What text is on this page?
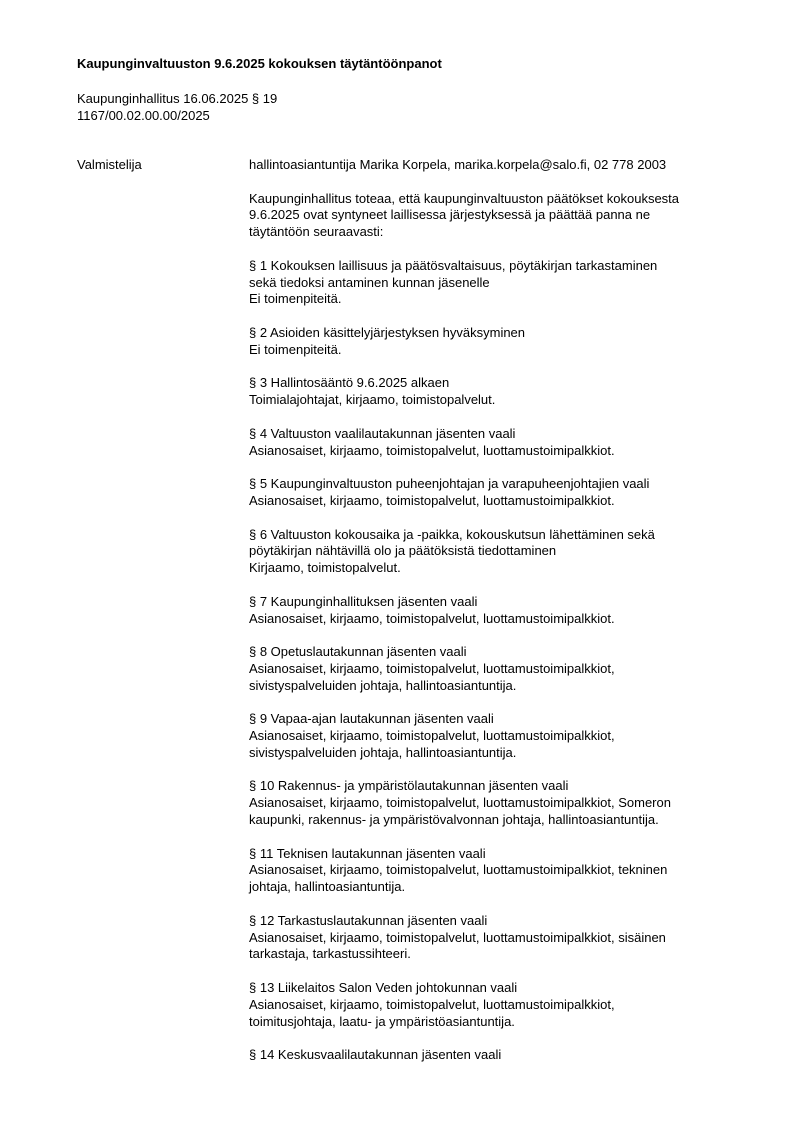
Kaupunginvaltuuston 9.6.2025 kokouksen täytäntöönpanot
Kaupunginhallitus 16.06.2025 § 19
1167/00.02.00.00/2025
Valmistelija	hallintoasiantuntija Marika Korpela, marika.korpela@salo.fi, 02 778 2003
Kaupunginhallitus toteaa, että kaupunginvaltuuston päätökset kokouksesta
9.6.2025 ovat syntyneet laillisessa järjestyksessä ja päättää panna ne
täytäntöön seuraavasti:
§ 1 Kokouksen laillisuus ja päätösvaltaisuus, pöytäkirjan tarkastaminen
sekä tiedoksi antaminen kunnan jäsenelle
Ei toimenpiteitä.
§ 2 Asioiden käsittelyjärjestyksen hyväksyminen
Ei toimenpiteitä.
§ 3 Hallintosääntö 9.6.2025 alkaen
Toimialajohtajat, kirjaamo, toimistopalvelut.
§ 4 Valtuuston vaalilautakunnan jäsenten vaali
Asianosaiset, kirjaamo, toimistopalvelut, luottamustoimipalkkiot.
§ 5 Kaupunginvaltuuston puheenjohtajan ja varapuheenjohtajien vaali
Asianosaiset, kirjaamo, toimistopalvelut, luottamustoimipalkkiot.
§ 6 Valtuuston kokousaika ja -paikka, kokouskutsun lähettäminen sekä
pöytäkirjan nähtävillä olo ja päätöksistä tiedottaminen
Kirjaamo, toimistopalvelut.
§ 7 Kaupunginhallituksen jäsenten vaali
Asianosaiset, kirjaamo, toimistopalvelut, luottamustoimipalkkiot.
§ 8 Opetuslautakunnan jäsenten vaali
Asianosaiset, kirjaamo, toimistopalvelut, luottamustoimipalkkiot,
sivistyspalveluiden johtaja, hallintoasiantuntija.
§ 9 Vapaa-ajan lautakunnan jäsenten vaali
Asianosaiset, kirjaamo, toimistopalvelut, luottamustoimipalkkiot,
sivistyspalveluiden johtaja, hallintoasiantuntija.
§ 10 Rakennus- ja ympäristölautakunnan jäsenten vaali
Asianosaiset, kirjaamo, toimistopalvelut, luottamustoimipalkkiot, Someron
kaupunki, rakennus- ja ympäristövalvonnan johtaja, hallintoasiantuntija.
§ 11 Teknisen lautakunnan jäsenten vaali
Asianosaiset, kirjaamo, toimistopalvelut, luottamustoimipalkkiot, tekninen
johtaja, hallintoasiantuntija.
§ 12 Tarkastuslautakunnan jäsenten vaali
Asianosaiset, kirjaamo, toimistopalvelut, luottamustoimipalkkiot, sisäinen
tarkastaja, tarkastussihteeri.
§ 13 Liikelaitos Salon Veden johtokunnan vaali
Asianosaiset, kirjaamo, toimistopalvelut, luottamustoimipalkkiot,
toimitusjohtaja, laatu- ja ympäristöasiantuntija.
§ 14 Keskusvaalilautakunnan jäsenten vaali
